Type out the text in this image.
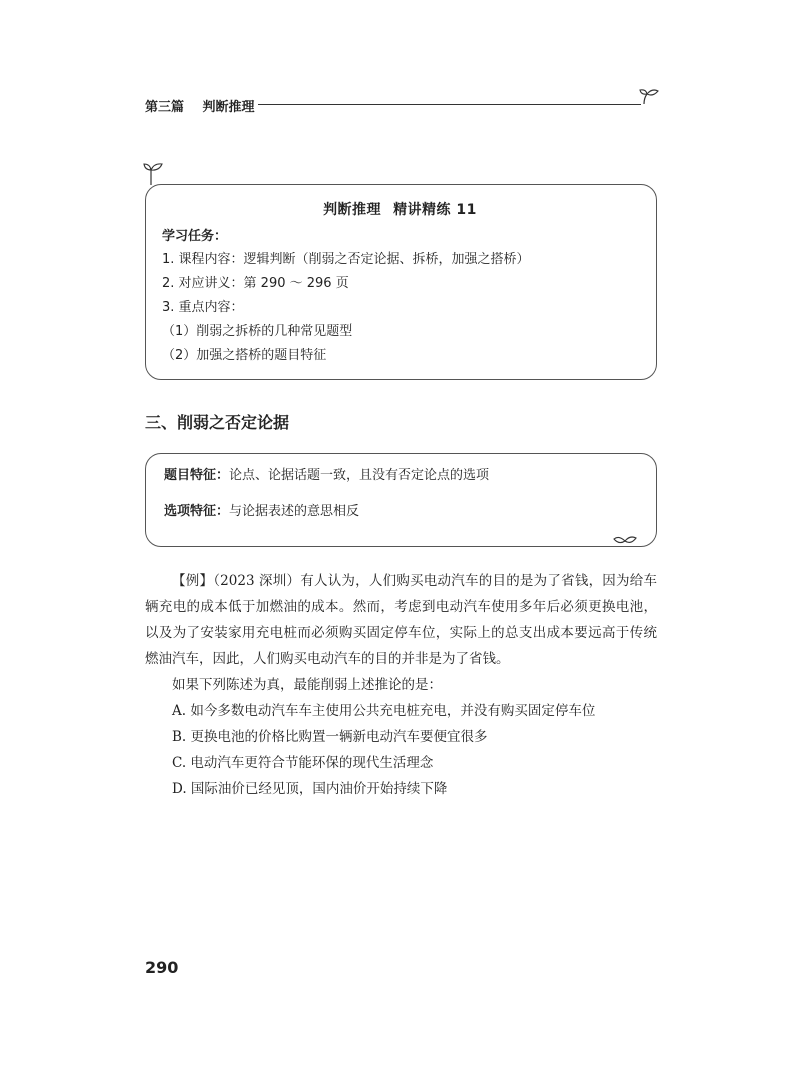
第三篇 判断推理
判断推理 精讲精练 11
学习任务：
1. 课程内容：逻辑判断（削弱之否定论据、拆桥，加强之搭桥）
2. 对应讲义：第 290 ～ 296 页
3. 重点内容：
（1）削弱之拆桥的几种常见题型
（2）加强之搭桥的题目特征
三、削弱之否定论据
题目特征：论点、论据话题一致，且没有否定论点的选项
选项特征：与论据表述的意思相反

【例】（2023 深圳）有人认为，人们购买电动汽车的目的是为了省钱，因为给车辆充电的成本低于加燃油的成本。然而，考虑到电动汽车使用多年后必须更换电池，以及为了安装家用充电桩而必须购买固定停车位，实际上的总支出成本要远高于传统燃油汽车，因此，人们购买电动汽车的目的并非是为了省钱。

如果下列陈述为真，最能削弱上述推论的是：

A. 如今多数电动汽车车主使用公共充电桩充电，并没有购买固定停车位

B. 更换电池的价格比购置一辆新电动汽车要便宜很多

C. 电动汽车更符合节能环保的现代生活理念

D. 国际油价已经见顶，国内油价开始持续下降

290
